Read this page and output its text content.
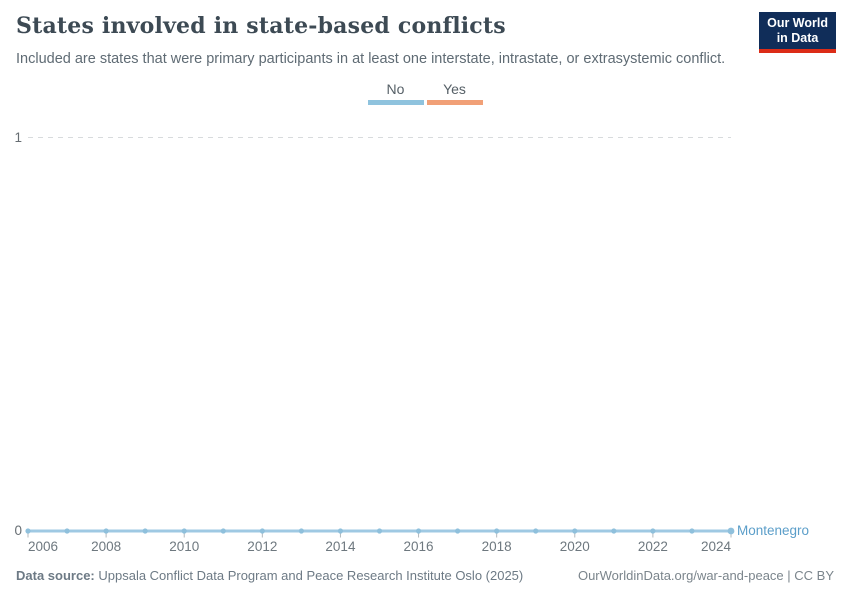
States involved in state-based conflicts	Our World
in Data
Included are states that were primary participants in at least one interstate, intrastate, or extrasystemic conflict.
No	Yes
Data source: Uppsala Conflict Data Program and Peace Research Institute Oslo (2025)	OurWorldinData.org/war-and-peace | CC BY
0
1
2006 2008	2010	2012	2014	2016	2018	2020	2022 2024
Montenegro
